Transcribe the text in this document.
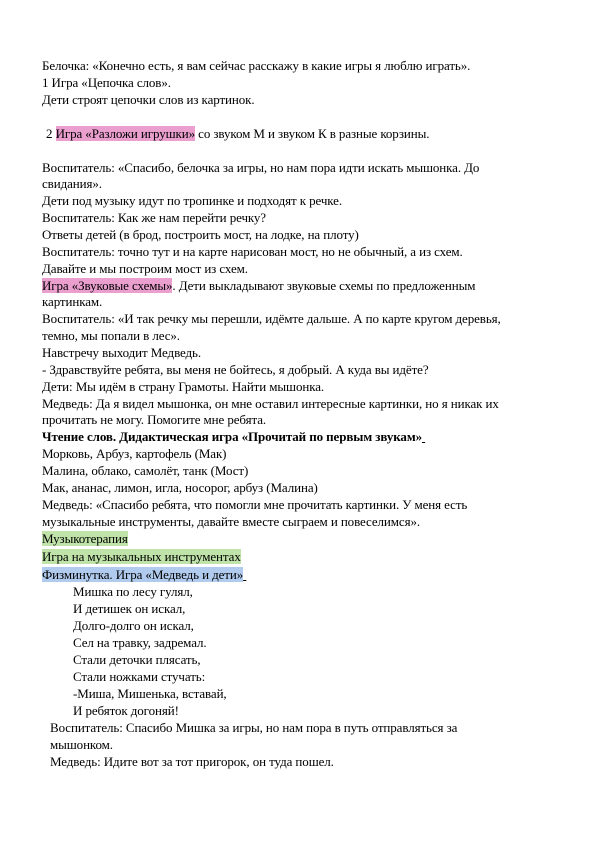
Белочка: «Конечно есть, я вам сейчас расскажу в какие игры я люблю играть».
1 Игра «Цепочка слов».
Дети строят цепочки слов из картинок.
2 Игра «Разложи игрушки» со звуком М и звуком К в разные корзины.
Воспитатель: «Спасибо, белочка за игры, но нам пора идти искать мышонка. До
свидания».
Дети под музыку идут по тропинке и подходят к речке.
Воспитатель: Как же нам перейти речку?
Ответы детей (в брод, построить мост, на лодке, на плоту)
Воспитатель: точно тут и на карте нарисован мост, но не обычный, а из схем.
Давайте и мы построим мост из схем.
Игра «Звуковые схемы». Дети выкладывают звуковые схемы по предложенным
картинкам.
Воспитатель: «И так речку мы перешли, идёмте дальше. А по карте кругом деревья,
темно, мы попали в лес».
Навстречу выходит Медведь.
- Здравствуйте ребята, вы меня не бойтесь, я добрый. А куда вы идёте?
Дети: Мы идём в страну Грамоты. Найти мышонка.
Медведь: Да я видел мышонка, он мне оставил интересные картинки, но я никак их
прочитать не могу. Помогите мне ребята.
Чтение слов. Дидактическая игра «Прочитай по первым звукам»
Морковь, Арбуз, картофель (Мак)
Малина, облако, самолёт, танк (Мост)
Мак, ананас, лимон, игла, носорог, арбуз (Малина)
Медведь: «Спасибо ребята, что помогли мне прочитать картинки. У меня есть
музыкальные инструменты, давайте вместе сыграем и повеселимся».
Музыкотерапия
Игра на музыкальных инструментах
Физминутка. Игра «Медведь и дети»
Мишка по лесу гулял,
И детишек он искал,
Долго-долго он искал,
Сел на травку, задремал.
Стали деточки плясать,
Стали ножками стучать:
-Миша, Мишенька, вставай,
И ребяток догоняй!
Воспитатель: Спасибо Мишка за игры, но нам пора в путь отправляться за
мышонком.
Медведь: Идите вот за тот пригорок, он туда пошел.
